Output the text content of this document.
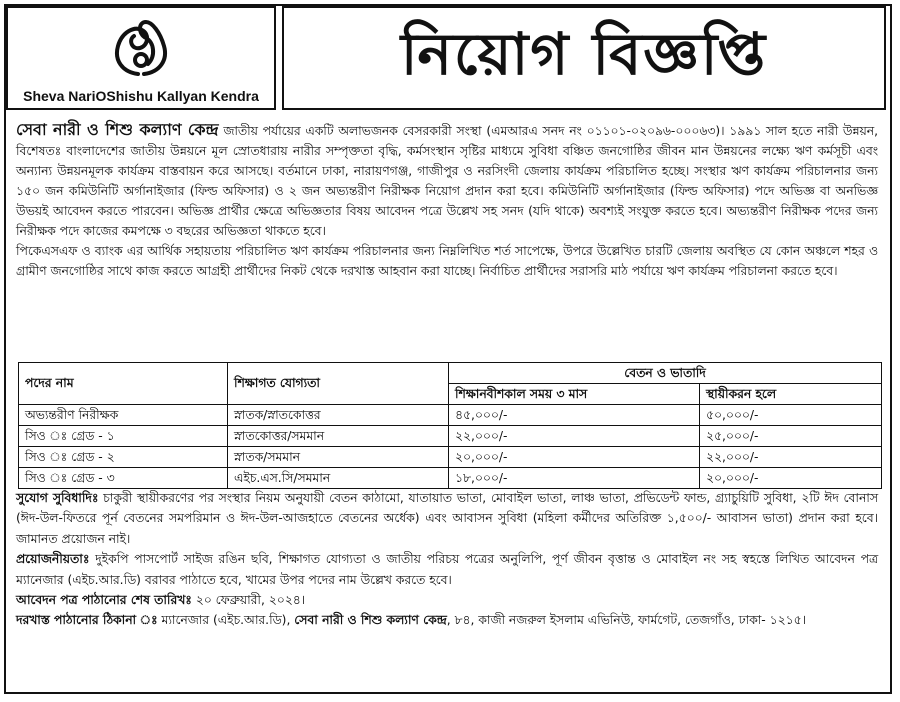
Sheva NariOShishu Kallyan Kendra
নিয়োগ বিজ্ঞপ্তি

সেবা নারী ও শিশু কল্যাণ কেন্দ্র জাতীয় পর্যায়ের একটি অলাভজনক বেসরকারী সংস্থা (এমআরএ সনদ নং ০১১০১-০২০৯৬-০০০৬৩)। ১৯৯১ সাল হতে নারী উন্নয়ন, বিশেষতঃ বাংলাদেশের জাতীয় উন্নয়নে মূল স্রোতধারায় নারীর সম্পৃক্ততা বৃদ্ধি, কর্মসংস্থান সৃষ্টির মাধ্যমে সুবিধা বঞ্চিত জনগোষ্ঠির জীবন মান উন্নয়নের লক্ষ্যে ঋণ কর্মসূচী এবং অন্যান্য উন্নয়নমূলক কার্যক্রম বাস্তবায়ন করে আসছে। বর্তমানে ঢাকা, নারায়ণগঞ্জ, গাজীপুর ও নরসিংদী জেলায় কার্যক্রম পরিচালিত হচ্ছে। সংস্থার ঋণ কার্যক্রম পরিচালনার জন্য ১৫০ জন কমিউনিটি অর্গানাইজার (ফিল্ড অফিসার) ও ২ জন অভ্যন্তরীণ নিরীক্ষক নিয়োগ প্রদান করা হবে। কমিউনিটি অর্গানাইজার (ফিল্ড অফিসার) পদে অভিজ্ঞ বা অনভিজ্ঞ উভয়ই আবেদন করতে পারবেন। অভিজ্ঞ প্রার্থীর ক্ষেত্রে অভিজ্ঞতার বিষয় আবেদন পত্রে উল্লেখ সহ সনদ (যদি থাকে) অবশ্যই সংযুক্ত করতে হবে। অভ্যন্তরীণ নিরীক্ষক পদের জন্য নিরীক্ষক পদে কাজের কমপক্ষে ৩ বছরের অভিজ্ঞতা থাকতে হবে।

পিকেএসএফ ও ব্যাংক এর আর্থিক সহায়তায় পরিচালিত ঋণ কার্যক্রম পরিচালনার জন্য নিম্নলিখিত শর্ত সাপেক্ষে, উপরে উল্লেখিত চারটি জেলায় অবস্থিত যে কোন অঞ্চলে শহর ও গ্রামীণ জনগোষ্ঠির সাথে কাজ করতে আগ্রহী প্রার্থীদের নিকট থেকে দরখাস্ত আহবান করা যাচ্ছে। নির্বাচিত প্রার্থীদের সরাসরি মাঠ পর্যায়ে ঋণ কার্যক্রম পরিচালনা করতে হবে।

পদের নাম	শিক্ষাগত যোগ্যতা	বেতন ও ভাতাদি	
		শিক্ষানবীশকাল সময় ৩ মাস	স্থায়ীকরন হলে
অভ্যন্তরীণ নিরীক্ষক	স্নাতক/স্নাতকোত্তর	৪৫,০০০/-	৫০,০০০/-
সিও ঃ গ্রেড - ১	স্নাতকোত্তর/সমমান	২২,০০০/-	২৫,০০০/-
সিও ঃ গ্রেড - ২	স্নাতক/সমমান	২০,০০০/-	২২,০০০/-
সিও ঃ গ্রেড - ৩	এইচ.এস.সি/সমমান	১৮,০০০/-	২০,০০০/-

সুযোগ সুবিধাদিঃ চাকুরী স্থায়ীকরণের পর সংস্থার নিয়ম অনুযায়ী বেতন কাঠামো, যাতায়াত ভাতা, মোবাইল ভাতা, লাঞ্চ ভাতা, প্রভিডেন্ট ফান্ড, গ্র্যাচুয়িটি সুবিধা, ২টি ঈদ বোনাস (ঈদ-উল-ফিতরে পূর্ন বেতনের সমপরিমান ও ঈদ-উল-আজহাতে বেতনের অর্ধেক) এবং আবাসন সুবিধা (মহিলা কর্মীদের অতিরিক্ত ১,৫০০/- আবাসন ভাতা) প্রদান করা হবে। জামানত প্রয়োজন নাই।

প্রয়োজনীয়তাঃ দুইকপি পাসপোর্ট সাইজ রঙিন ছবি, শিক্ষাগত যোগ্যতা ও জাতীয় পরিচয় পত্রের অনুলিপি, পূর্ণ জীবন বৃত্তান্ত ও মোবাইল নং সহ স্বহস্তে লিখিত আবেদন পত্র ম্যানেজার (এইচ.আর.ডি) বরাবর পাঠাতে হবে, খামের উপর পদের নাম উল্লেখ করতে হবে।

আবেদন পত্র পাঠানোর শেষ তারিখঃ ২০ ফেব্রুয়ারী, ২০২৪।

দরখাস্ত পাঠানোর ঠিকানা ঃ ম্যানেজার (এইচ.আর.ডি), সেবা নারী ও শিশু কল্যাণ কেন্দ্র, ৮৪, কাজী নজরুল ইসলাম এভিনিউ, ফার্মগেট, তেজগাঁও, ঢাকা- ১২১৫।
